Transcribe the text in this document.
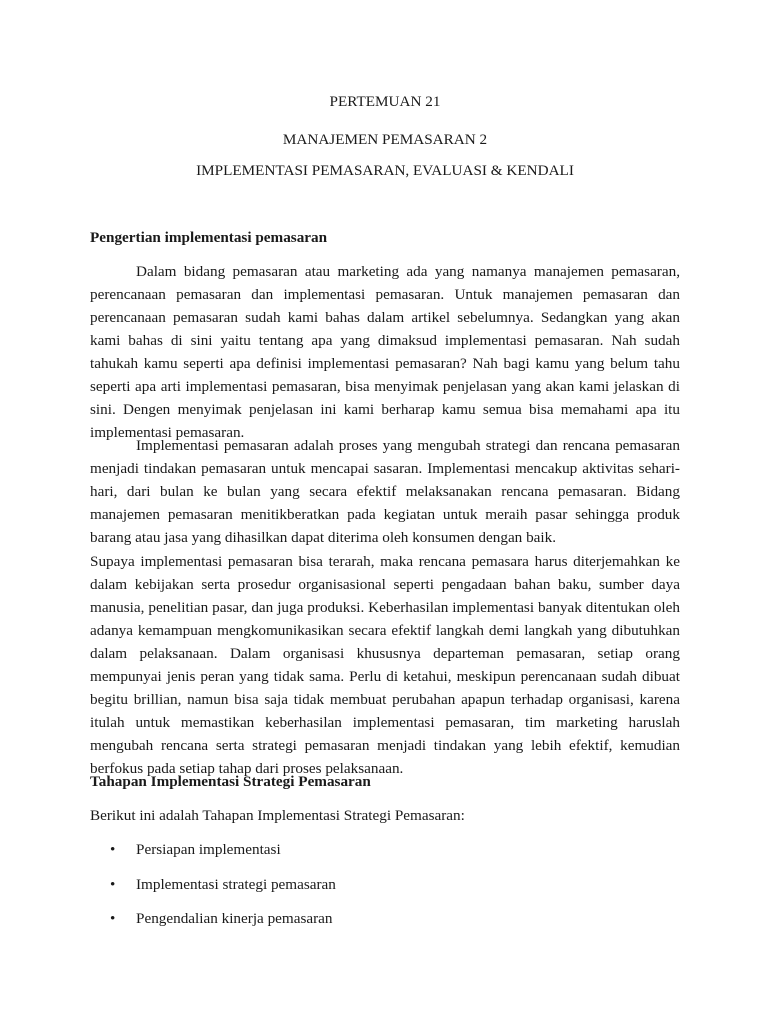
PERTEMUAN 21

MANAJEMEN PEMASARAN 2

IMPLEMENTASI PEMASARAN, EVALUASI & KENDALI

Pengertian implementasi pemasaran

Dalam bidang pemasaran atau marketing ada yang namanya manajemen pemasaran, perencanaan pemasaran dan implementasi pemasaran. Untuk manajemen pemasaran dan perencanaan pemasaran sudah kami bahas dalam artikel sebelumnya. Sedangkan yang akan kami bahas di sini yaitu tentang apa yang dimaksud implementasi pemasaran. Nah sudah tahukah kamu seperti apa definisi implementasi pemasaran? Nah bagi kamu yang belum tahu seperti apa arti implementasi pemasaran, bisa menyimak penjelasan yang akan kami jelaskan di sini. Dengen menyimak penjelasan ini kami berharap kamu semua bisa memahami apa itu implementasi pemasaran.

Implementasi pemasaran adalah proses yang mengubah strategi dan rencana pemasaran menjadi tindakan pemasaran untuk mencapai sasaran. Implementasi mencakup aktivitas sehari-hari, dari bulan ke bulan yang secara efektif melaksanakan rencana pemasaran. Bidang manajemen pemasaran menitikberatkan pada kegiatan untuk meraih pasar sehingga produk barang atau jasa yang dihasilkan dapat diterima oleh konsumen dengan baik.

Supaya implementasi pemasaran bisa terarah, maka rencana pemasara harus diterjemahkan ke dalam kebijakan serta prosedur organisasional seperti pengadaan bahan baku, sumber daya manusia, penelitian pasar, dan juga produksi. Keberhasilan implementasi banyak ditentukan oleh adanya kemampuan mengkomunikasikan secara efektif langkah demi langkah yang dibutuhkan dalam pelaksanaan. Dalam organisasi khususnya departeman pemasaran, setiap orang mempunyai jenis peran yang tidak sama. Perlu di ketahui, meskipun perencanaan sudah dibuat begitu brillian, namun bisa saja tidak membuat perubahan apapun terhadap organisasi, karena itulah untuk memastikan keberhasilan implementasi pemasaran, tim marketing haruslah mengubah rencana serta strategi pemasaran menjadi tindakan yang lebih efektif, kemudian berfokus pada setiap tahap dari proses pelaksanaan.

Tahapan Implementasi Strategi Pemasaran

Berikut ini adalah Tahapan Implementasi Strategi Pemasaran:

•	Persiapan implementasi
•	Implementasi strategi pemasaran
•	Pengendalian kinerja pemasaran
